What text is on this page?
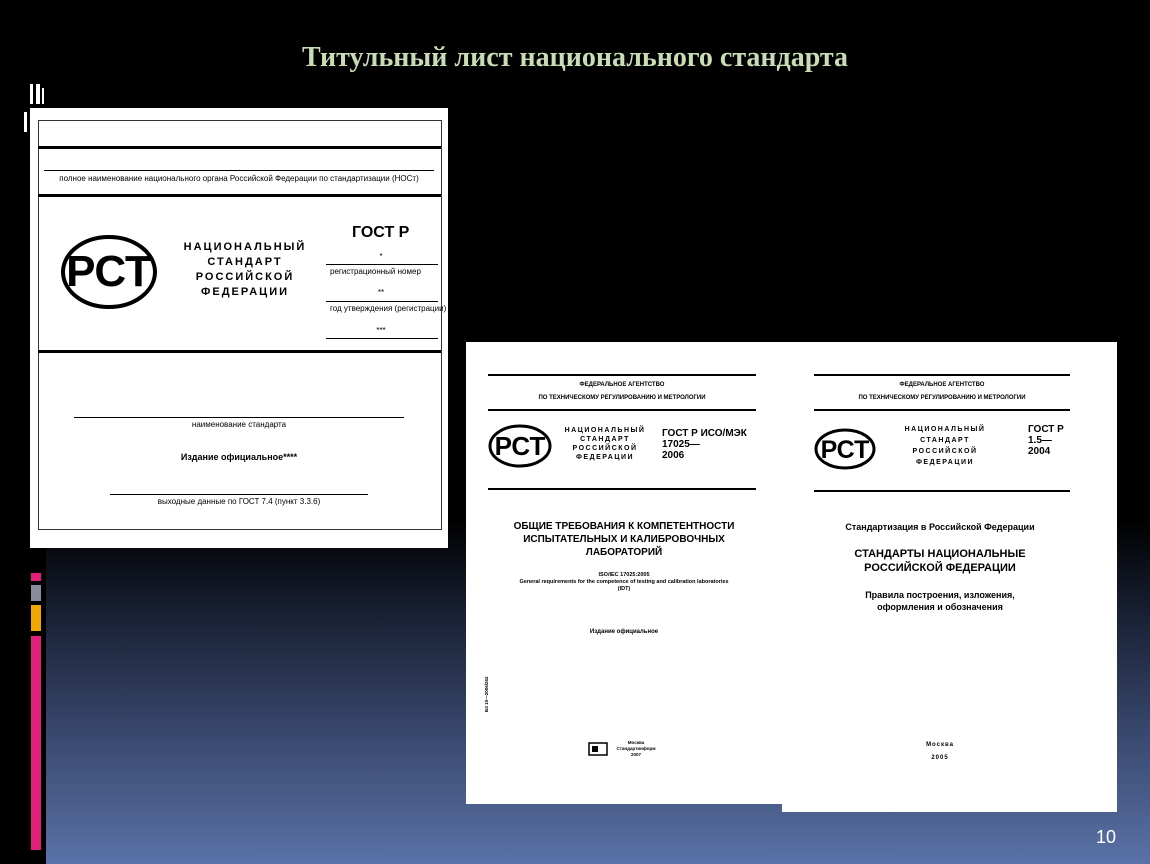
Титульный лист национального стандарта
полное наименование национального органа Российской Федерации по стандартизации (НОСт)
РСТ	НАЦИОНАЛЬНЫЙ
СТАНДАРТ
РОССИЙСКОЙ
ФЕДЕРАЦИИ
ГОСТ Р
*
регистрационный номер
**
год утверждения (регистрации)
***
наименование стандарта
Издание официальное****
выходные данные по ГОСТ 7.4 (пункт 3.3.6)
ФЕДЕРАЛЬНОЕ АГЕНТСТВО
ПО ТЕХНИЧЕСКОМУ РЕГУЛИРОВАНИЮ И МЕТРОЛОГИИ
РСТ
НАЦИОНАЛЬНЫЙ
СТАНДАРТ
РОССИЙСКОЙ
ФЕДЕРАЦИИ
ГОСТ Р ИСО/МЭК
17025—
2006
ОБЩИЕ ТРЕБОВАНИЯ К КОМПЕТЕНТНОСТИ
ИСПЫТАТЕЛЬНЫХ И КАЛИБРОВОЧНЫХ
ЛАБОРАТОРИЙ
ISO/IEC 17025:2005
General requirements for the competence of testing and calibration laboratories
(IDT)
Издание официальное
БЗ 10—2006/262
Москва
Стандартинформ
2007
ФЕДЕРАЛЬНОЕ АГЕНТСТВО
ПО ТЕХНИЧЕСКОМУ РЕГУЛИРОВАНИЮ И МЕТРОЛОГИИ
РСТ
НАЦИОНАЛЬНЫЙ
СТАНДАРТ
РОССИЙСКОЙ
ФЕДЕРАЦИИ
ГОСТ Р
1.5—
2004
Стандартизация в Российской Федерации
СТАНДАРТЫ НАЦИОНАЛЬНЫЕ
РОССИЙСКОЙ ФЕДЕРАЦИИ
Правила построения, изложения,
оформления и обозначения
Москва
2005
10
